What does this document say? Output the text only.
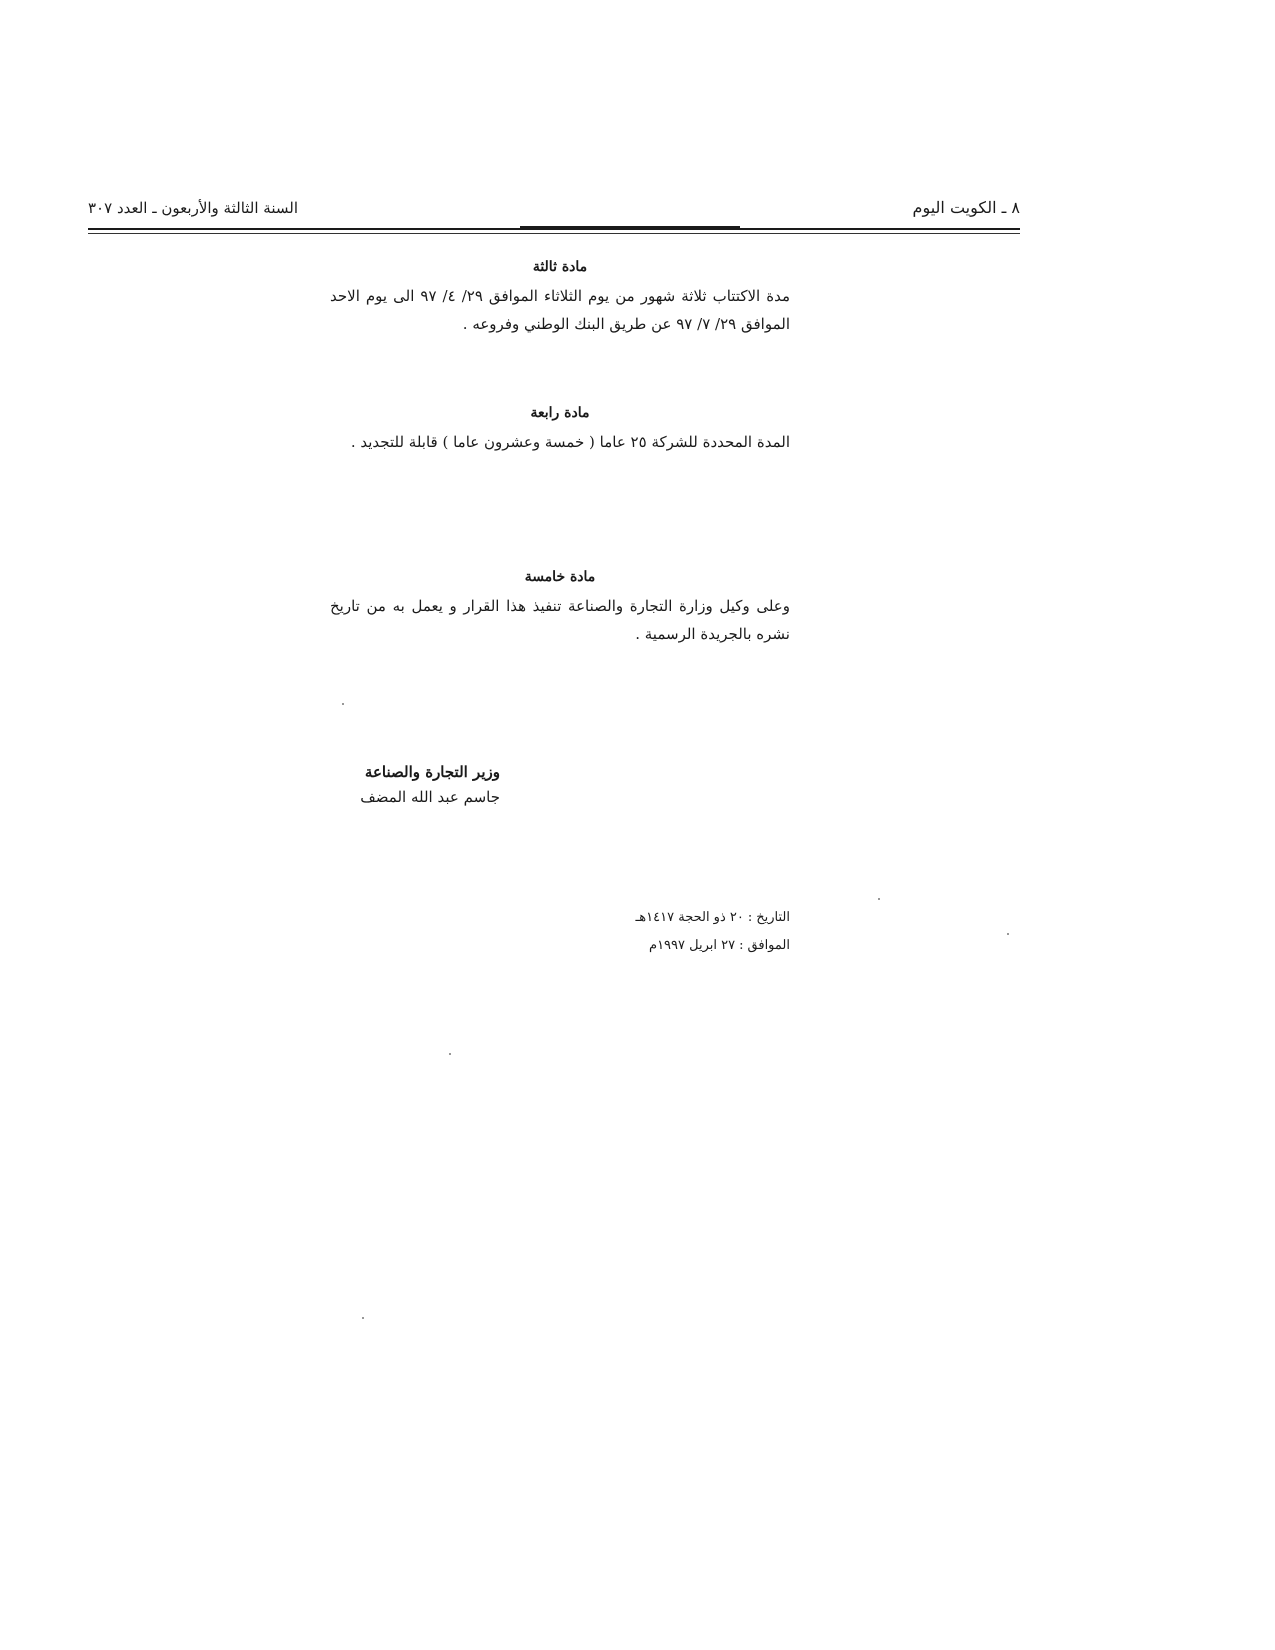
٨ ـ الكويت اليوم
السنة الثالثة والأربعون ـ العدد ٣٠٧
مادة ثالثة

مدة الاكتتاب ثلاثة شهور من يوم الثلاثاء الموافق ٢٩/ ٤/ ٩٧ الى يوم الاحد الموافق ٢٩/ ٧/ ٩٧ عن طريق البنك الوطني وفروعه .

مادة رابعة

المدة المحددة للشركة ٢٥ عاما ( خمسة وعشرون عاما ) قابلة للتجديد .

مادة خامسة

وعلى وكيل وزارة التجارة والصناعة تنفيذ هذا القرار و يعمل به من تاريخ نشره بالجريدة الرسمية .

وزير التجارة والصناعة
جاسم عبد الله المضف
التاريخ:٢٠ ذو الحجة ١٤١٧هـ
الموافق:٢٧ ابريل ١٩٩٧م
